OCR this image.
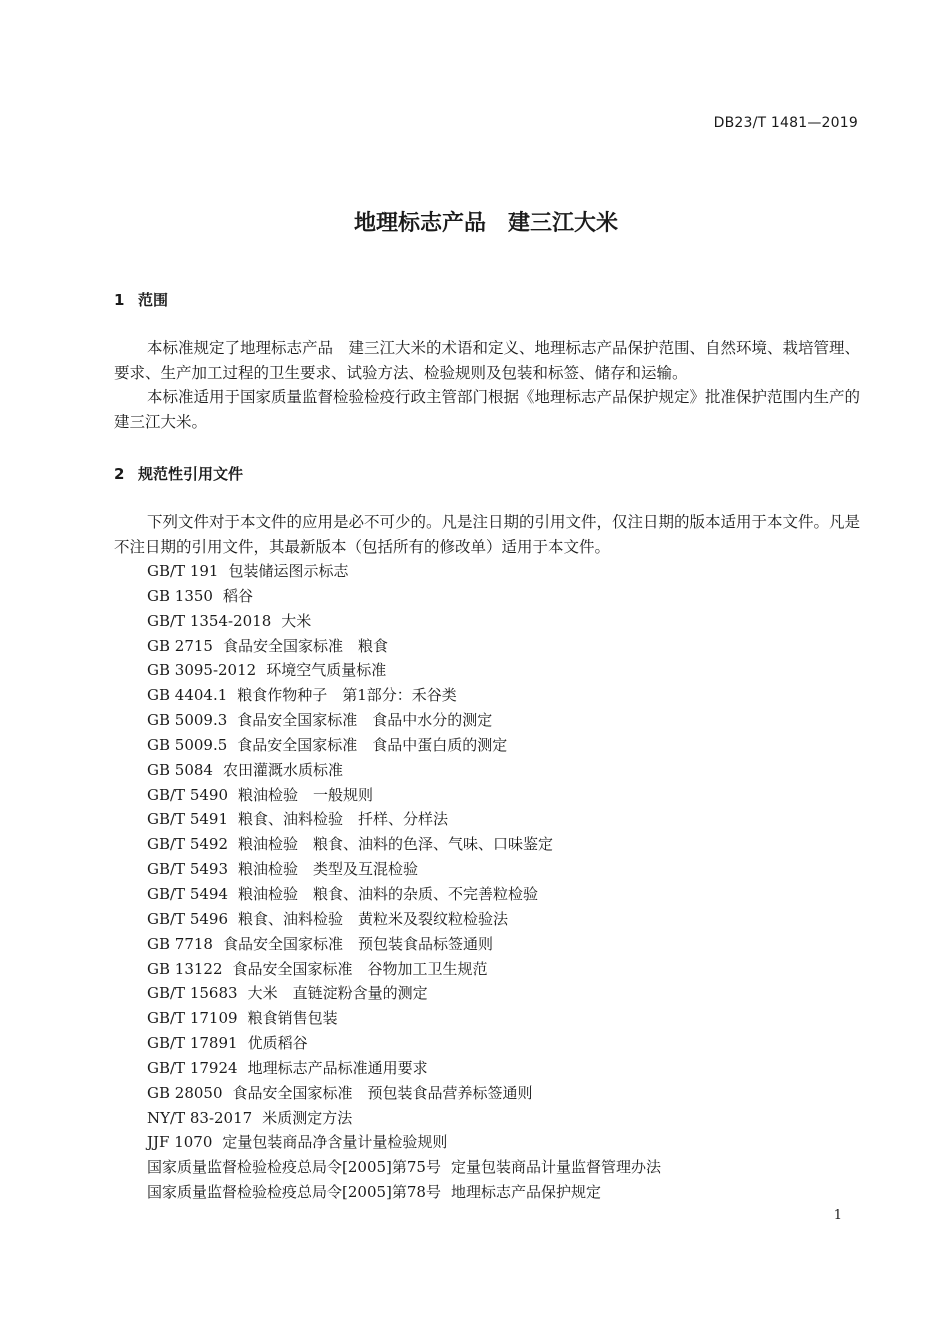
DB23/T 1481—2019
地理标志产品　建三江大米
1 范围
本标准规定了地理标志产品　建三江大米的术语和定义、地理标志产品保护范围、自然环境、栽培管理、要求、生产加工过程的卫生要求、试验方法、检验规则及包装和标签、储存和运输。
本标准适用于国家质量监督检验检疫行政主管部门根据《地理标志产品保护规定》批准保护范围内生产的建三江大米。
2 规范性引用文件
下列文件对于本文件的应用是必不可少的。凡是注日期的引用文件，仅注日期的版本适用于本文件。凡是不注日期的引用文件，其最新版本（包括所有的修改单）适用于本文件。
GB/T 191 包装储运图示标志
GB 1350 稻谷
GB/T 1354-2018 大米
GB 2715 食品安全国家标准　粮食
GB 3095-2012 环境空气质量标准
GB 4404.1 粮食作物种子　第1部分：禾谷类
GB 5009.3 食品安全国家标准　食品中水分的测定
GB 5009.5 食品安全国家标准　食品中蛋白质的测定
GB 5084 农田灌溉水质标准
GB/T 5490 粮油检验　一般规则
GB/T 5491 粮食、油料检验　扦样、分样法
GB/T 5492 粮油检验　粮食、油料的色泽、气味、口味鉴定
GB/T 5493 粮油检验　类型及互混检验
GB/T 5494 粮油检验　粮食、油料的杂质、不完善粒检验
GB/T 5496 粮食、油料检验　黄粒米及裂纹粒检验法
GB 7718 食品安全国家标准　预包装食品标签通则
GB 13122 食品安全国家标准　谷物加工卫生规范
GB/T 15683 大米　直链淀粉含量的测定
GB/T 17109 粮食销售包装
GB/T 17891 优质稻谷
GB/T 17924 地理标志产品标准通用要求
GB 28050 食品安全国家标准　预包装食品营养标签通则
NY/T 83-2017 米质测定方法
JJF 1070 定量包装商品净含量计量检验规则
国家质量监督检验检疫总局令[2005]第75号 定量包装商品计量监督管理办法
国家质量监督检验检疫总局令[2005]第78号 地理标志产品保护规定
1
